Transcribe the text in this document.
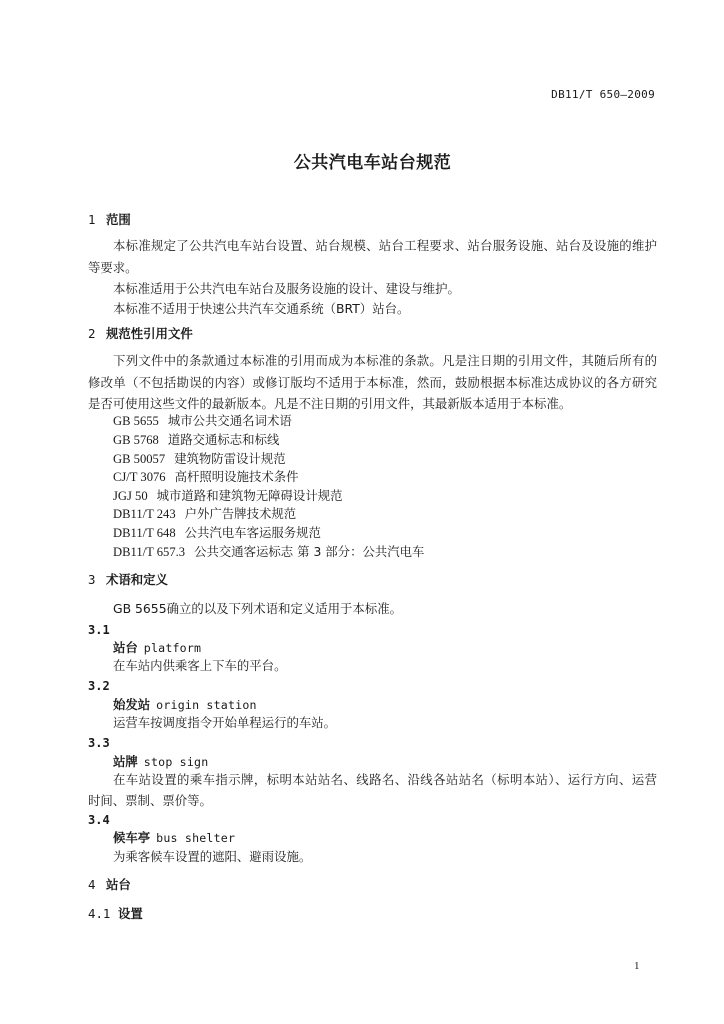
DB11/T 650—2009
公共汽电车站台规范
1 范围
本标准规定了公共汽电车站台设置、站台规模、站台工程要求、站台服务设施、站台及设施的维护
等要求。
本标准适用于公共汽电车站台及服务设施的设计、建设与维护。
本标准不适用于快速公共汽车交通系统（BRT）站台。
2 规范性引用文件
下列文件中的条款通过本标准的引用而成为本标准的条款。凡是注日期的引用文件，其随后所有的
修改单（不包括勘误的内容）或修订版均不适用于本标准，然而，鼓励根据本标准达成协议的各方研究
是否可使用这些文件的最新版本。凡是不注日期的引用文件，其最新版本适用于本标准。
GB 5655 城市公共交通名词术语
GB 5768 道路交通标志和标线
GB 50057 建筑物防雷设计规范
CJ/T 3076 高杆照明设施技术条件
JGJ 50 城市道路和建筑物无障碍设计规范
DB11/T 243 户外广告牌技术规范
DB11/T 648 公共汽电车客运服务规范
DB11/T 657.3 公共交通客运标志 第 3 部分：公共汽电车
3 术语和定义
GB 5655确立的以及下列术语和定义适用于本标准。
3.1
站台 platform
在车站内供乘客上下车的平台。
3.2
始发站 origin station
运营车按调度指令开始单程运行的车站。
3.3
站牌 stop sign
在车站设置的乘车指示牌，标明本站站名、线路名、沿线各站站名（标明本站）、运行方向、运营
时间、票制、票价等。
3.4
候车亭 bus shelter
为乘客候车设置的遮阳、避雨设施。
4 站台
4.1 设置
1
